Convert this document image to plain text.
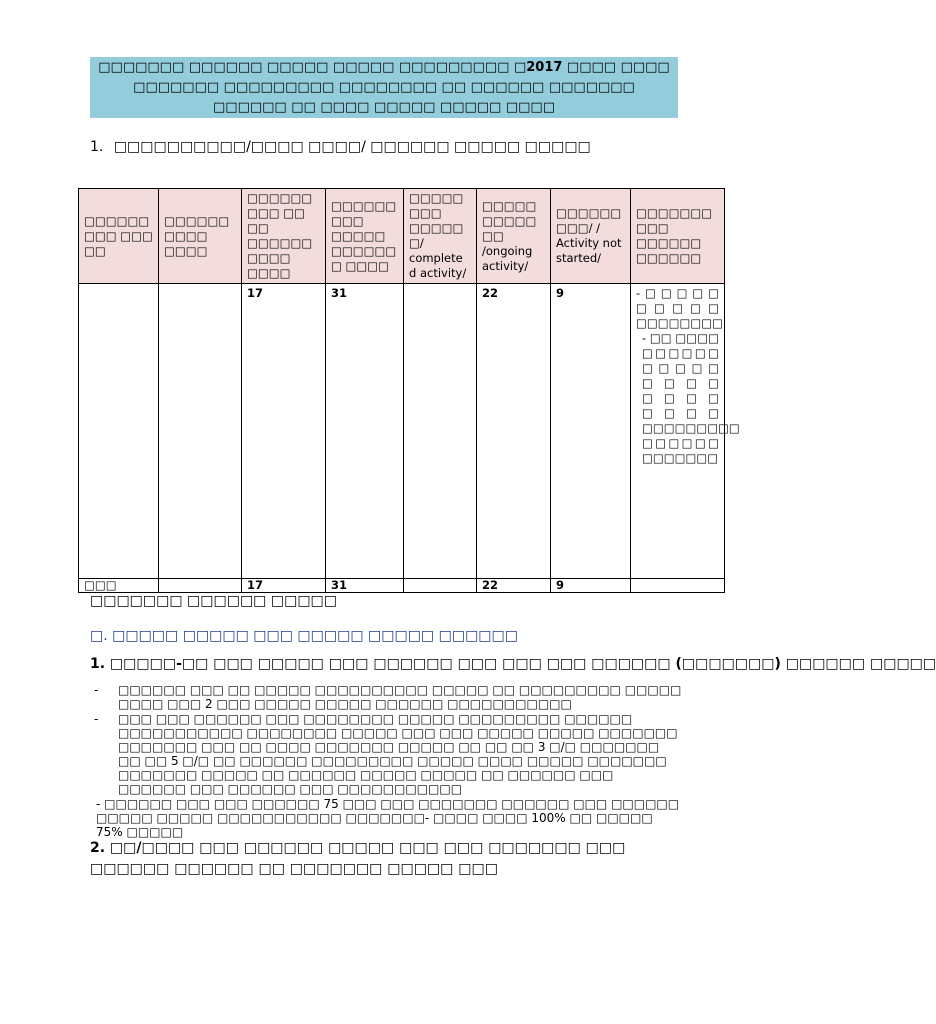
□□□□□□□ □□□□□□ □□□□□ □□□□□ □□□□□□□□□ □2017 □□□□ □□□□
□□□□□□□ □□□□□□□□□ □□□□□□□□ □□ □□□□□□ □□□□□□□
□□□□□□ □□ □□□□ □□□□□ □□□□□ □□□□
1. □□□□□□□□□□/□□□□ □□□□/ □□□□□□ □□□□□ □□□□□
□□□□□□ □□□ □□□ □□	□□□□□□□□□□ □□□□	□□□□□□□□□ □□ □□ □□□□□□□□□□ □□□□	□□□□□□□□□ □□□□□ □□□□□□□ □□□□	□□□□□□□□ □□□□□□/ complete d activity/	□□□□□□□□□□ □□ /ongoing activity/	□□□□□□□□□/ / Activity not started/	□□□□□□□□□□ □□□□□□ □□□□□□
		17	31		22	9	-□□□□□ □□□□□ □□□□□□□□
- □□ □□□□ □□□□□□ □□□□□ □□□□ □□□□ □□□□ □□□□□□□□□ □□□□□□ □□□□□□□

□□□		17	31		22	9	
□□□□□□□ □□□□□□ □□□□□
□. □□□□□ □□□□□ □□□ □□□□□ □□□□□ □□□□□□
1. □□□□□-□□ □□□ □□□□□ □□□ □□□□□□ □□□ □□□ □□□ □□□□□□ (□□□□□□□) □□□□□□ □□□□□
- □□□□□□ □□□ □□ □□□□□ □□□□□□□□□□ □□□□□ □□ □□□□□□□□□ □□□□□ □□□□ □□□ 2 □□□ □□□□□ □□□□□ □□□□□□ □□□□□□□□□□□
- □□□ □□□ □□□□□□ □□□ □□□□□□□□ □□□□□ □□□□□□□□□ □□□□□□ □□□□□□□□□□□ □□□□□□□□ □□□□□ □□□ □□□ □□□□□ □□□□□ □□□□□□□ □□□□□□□ □□□ □□ □□□□ □□□□□□□ □□□□□ □□ □□ □□ 3 □/□ □□□□□□□ □□ □□ 5 □/□ □□ □□□□□□ □□□□□□□□□ □□□□□ □□□□ □□□□□ □□□□□□□ □□□□□□□ □□□□□ □□ □□□□□□ □□□□□ □□□□□ □□ □□□□□□ □□□ □□□□□□ □□□ □□□□□□ □□□ □□□□□□□□□□□
- □□□□□□ □□□ □□□ □□□□□□ 75 □□□ □□□ □□□□□□□ □□□□□□ □□□ □□□□□□ □□□□□ □□□□□ □□□□□□□□□□□ □□□□□□□- □□□□ □□□□ 100% □□ □□□□□ 75% □□□□□
2. □□/□□□□ □□□ □□□□□□ □□□□□ □□□ □□□ □□□□□□□ □□□ □□□□□□ □□□□□□ □□ □□□□□□□ □□□□□ □□□
